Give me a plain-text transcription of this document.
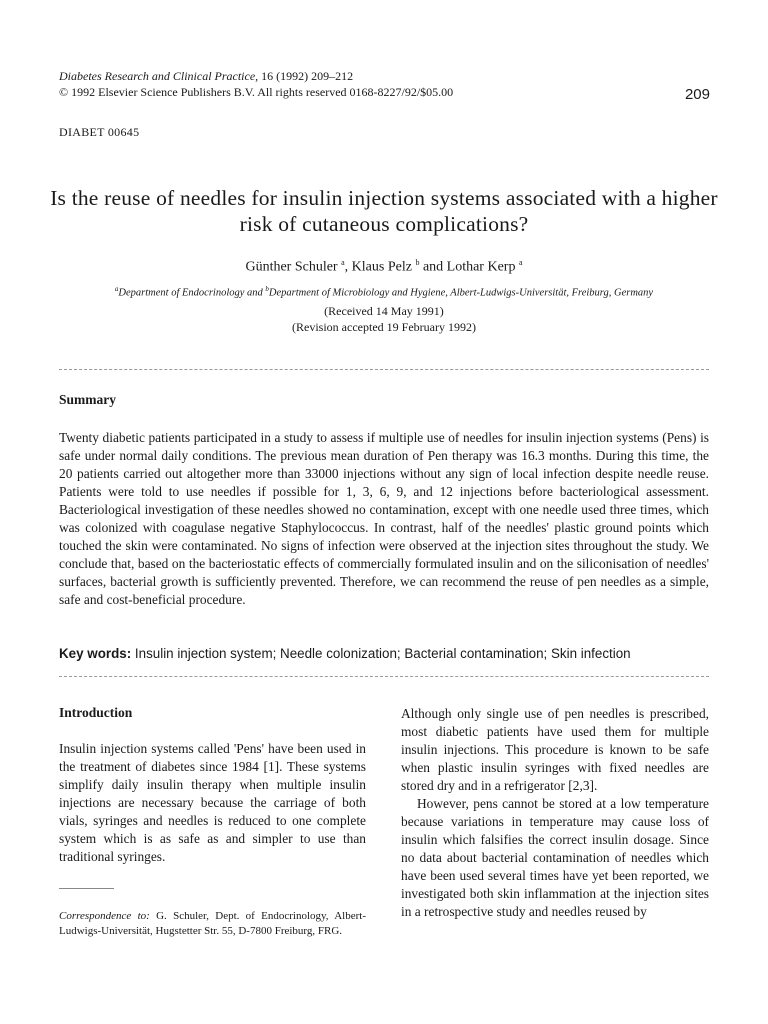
Diabetes Research and Clinical Practice, 16 (1992) 209–212
© 1992 Elsevier Science Publishers B.V. All rights reserved 0168-8227/92/$05.00	209
DIABET 00645
Is the reuse of needles for insulin injection systems associated with a higher risk of cutaneous complications?
Günther Schuler $^a$, Klaus Pelz $^b$ and Lothar Kerp $^a$
$^a$Department of Endocrinology and $^b$Department of Microbiology and Hygiene, Albert-Ludwigs-Universität, Freiburg, Germany
(Received 14 May 1991)
(Revision accepted 19 February 1992)
Summary
Twenty diabetic patients participated in a study to assess if multiple use of needles for insulin injection systems (Pens) is safe under normal daily conditions. The previous mean duration of Pen therapy was 16.3 months. During this time, the 20 patients carried out altogether more than 33000 injections without any sign of local infection despite needle reuse. Patients were told to use needles if possible for 1, 3, 6, 9, and 12 injections before bacteriological assessment. Bacteriological investigation of these needles showed no contamination, except with one needle used three times, which was colonized with coagulase negative Staphylococcus. In contrast, half of the needles' plastic ground points which touched the skin were contaminated. No signs of infection were observed at the injection sites throughout the study. We conclude that, based on the bacteriostatic effects of commercially formulated insulin and on the siliconisation of needles' surfaces, bacterial growth is sufficiently prevented. Therefore, we can recommend the reuse of pen needles as a simple, safe and cost-beneficial procedure.
Key words: Insulin injection system; Needle colonization; Bacterial contamination; Skin infection
Introduction
Insulin injection systems called 'Pens' have been used in the treatment of diabetes since 1984 [1]. These systems simplify daily insulin therapy when multiple insulin injections are necessary because the carriage of both vials, syringes and needles is reduced to one complete system which is as safe as and simpler to use than traditional syringes.
Correspondence to: G. Schuler, Dept. of Endocrinology, Albert-Ludwigs-Universität, Hugstetter Str. 55, D-7800 Freiburg, FRG.

Although only single use of pen needles is prescribed, most diabetic patients have used them for multiple insulin injections. This procedure is known to be safe when plastic insulin syringes with fixed needles are stored dry and in a refrigerator [2,3].

However, pens cannot be stored at a low temperature because variations in temperature may cause loss of insulin which falsifies the correct insulin dosage. Since no data about bacterial contamination of needles which have been used several times have yet been reported, we investigated both skin inflammation at the injection sites in a retrospective study and needles reused by
